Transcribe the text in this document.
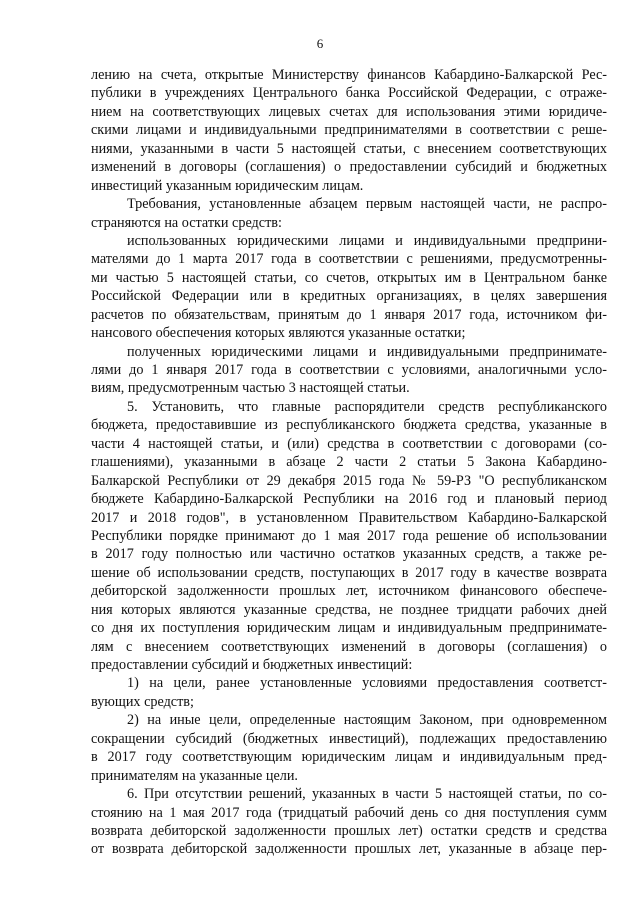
6
лению на счета, открытые Министерству финансов Кабардино-Балкарской Рес-
публики в учреждениях Центрального банка Российской Федерации, с отраже-
нием на соответствующих лицевых счетах для использования этими юридиче-
скими лицами и индивидуальными предпринимателями в соответствии с реше-
ниями, указанными в части 5 настоящей статьи, с внесением соответствующих
изменений в договоры (соглашения) о предоставлении субсидий и бюджетных
инвестиций указанным юридическим лицам.
Требования, установленные абзацем первым настоящей части, не распро-
страняются на остатки средств:
использованных юридическими лицами и индивидуальными предприни-
мателями до 1 марта 2017 года в соответствии с решениями, предусмотренны-
ми частью 5 настоящей статьи, со счетов, открытых им в Центральном банке
Российской Федерации или в кредитных организациях, в целях завершения
расчетов по обязательствам, принятым до 1 января 2017 года, источником фи-
нансового обеспечения которых являются указанные остатки;
полученных юридическими лицами и индивидуальными предпринимате-
лями до 1 января 2017 года в соответствии с условиями, аналогичными усло-
виям, предусмотренным частью 3 настоящей статьи.
5. Установить, что главные распорядители средств республиканского
бюджета, предоставившие из республиканского бюджета средства, указанные в
части 4 настоящей статьи, и (или) средства в соответствии с договорами (со-
глашениями), указанными в абзаце 2 части 2 статьи 5 Закона Кабардино-
Балкарской Республики от 29 декабря 2015 года № 59-РЗ "О республиканском
бюджете Кабардино-Балкарской Республики на 2016 год и плановый период
2017 и 2018 годов", в установленном Правительством Кабардино-Балкарской
Республики порядке принимают до 1 мая 2017 года решение об использовании
в 2017 году полностью или частично остатков указанных средств, а также ре-
шение об использовании средств, поступающих в 2017 году в качестве возврата
дебиторской задолженности прошлых лет, источником финансового обеспече-
ния которых являются указанные средства, не позднее тридцати рабочих дней
со дня их поступления юридическим лицам и индивидуальным предпринимате-
лям с внесением соответствующих изменений в договоры (соглашения) о
предоставлении субсидий и бюджетных инвестиций:
1) на цели, ранее установленные условиями предоставления соответст-
вующих средств;
2) на иные цели, определенные настоящим Законом, при одновременном
сокращении субсидий (бюджетных инвестиций), подлежащих предоставлению
в 2017 году соответствующим юридическим лицам и индивидуальным пред-
принимателям на указанные цели.
6. При отсутствии решений, указанных в части 5 настоящей статьи, по со-
стоянию на 1 мая 2017 года (тридцатый рабочий день со дня поступления сумм
возврата дебиторской задолженности прошлых лет) остатки средств и средства
от возврата дебиторской задолженности прошлых лет, указанные в абзаце пер-
